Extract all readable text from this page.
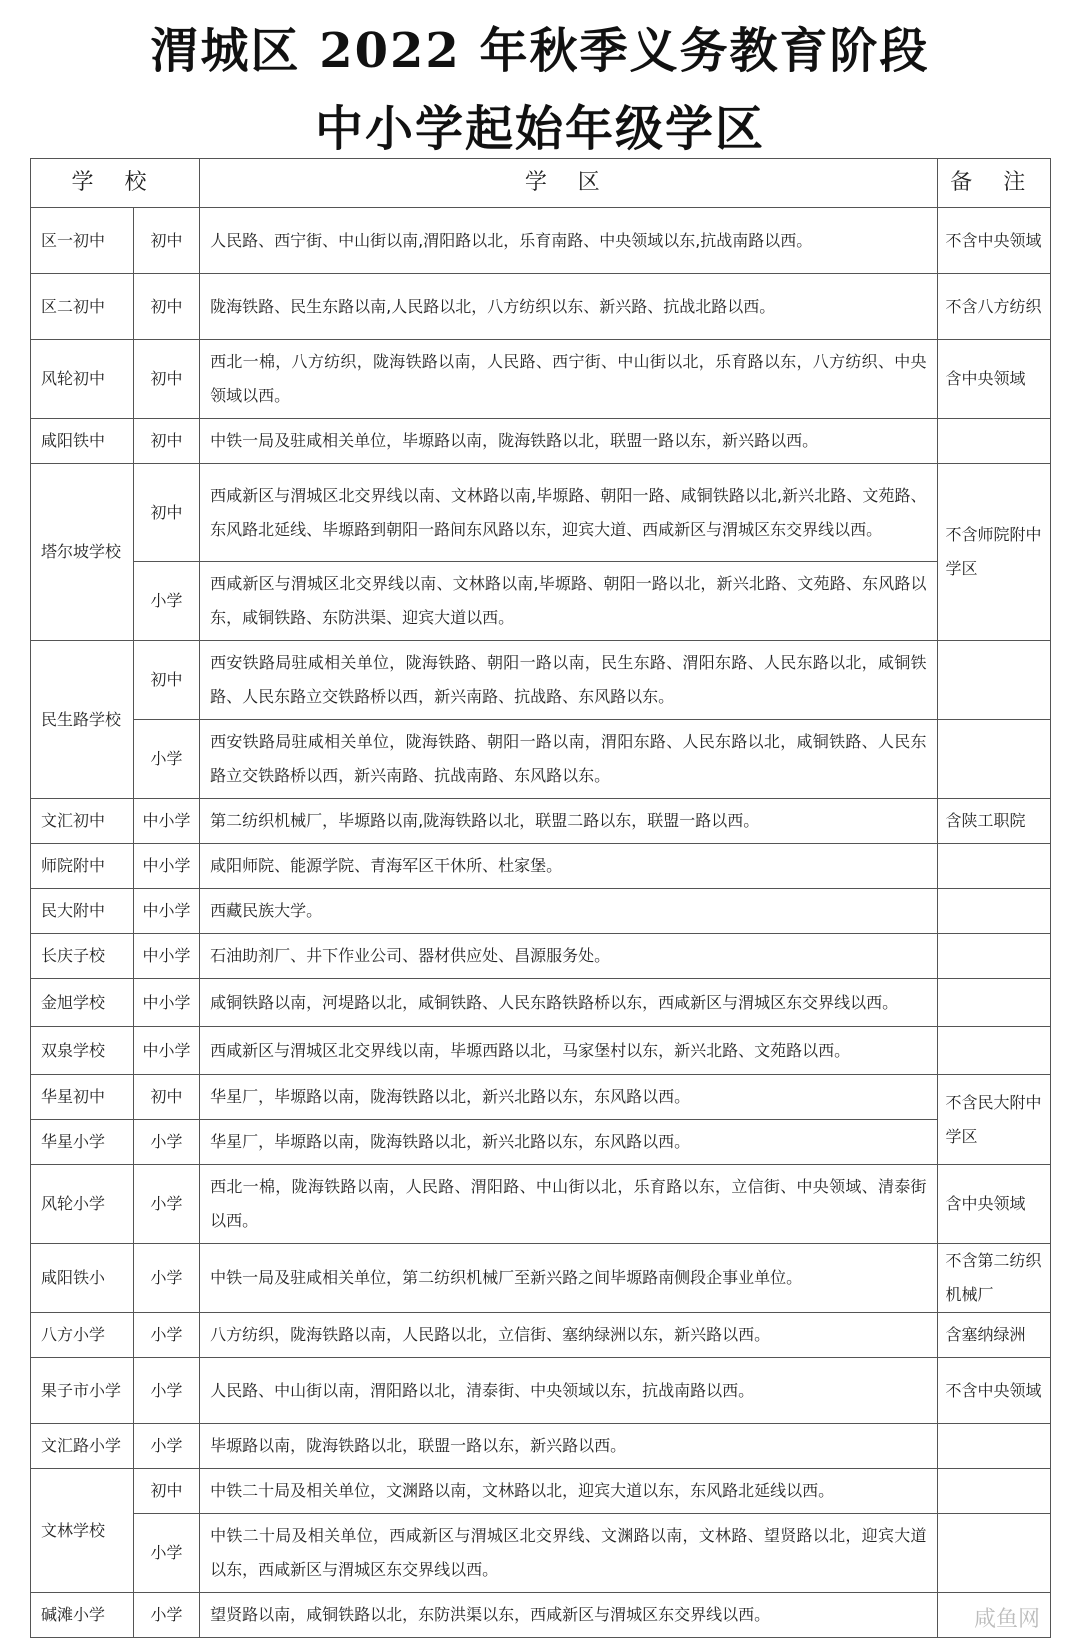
渭城区 2022 年秋季义务教育阶段
中小学起始年级学区
学 校		学 区	备 注
区一初中	初中	人民路、西宁街、中山街以南,渭阳路以北，乐育南路、中央领域以东,抗战南路以西。	不含中央领域
区二初中	初中	陇海铁路、民生东路以南,人民路以北，八方纺织以东、新兴路、抗战北路以西。	不含八方纺织
风轮初中	初中	西北一棉，八方纺织，陇海铁路以南，人民路、西宁街、中山街以北，乐育路以东，八方纺织、中央领域以西。	含中央领域
咸阳铁中	初中	中铁一局及驻咸相关单位，毕塬路以南，陇海铁路以北，联盟一路以东，新兴路以西。	
塔尔坡学校	初中	西咸新区与渭城区北交界线以南、文林路以南,毕塬路、朝阳一路、咸铜铁路以北,新兴北路、文苑路、东风路北延线、毕塬路到朝阳一路间东风路以东，迎宾大道、西咸新区与渭城区东交界线以西。	不含师院附中学区
	小学	西咸新区与渭城区北交界线以南、文林路以南,毕塬路、朝阳一路以北，新兴北路、文苑路、东风路以东，咸铜铁路、东防洪渠、迎宾大道以西。	
民生路学校	初中	西安铁路局驻咸相关单位，陇海铁路、朝阳一路以南，民生东路、渭阳东路、人民东路以北，咸铜铁路、人民东路立交铁路桥以西，新兴南路、抗战路、东风路以东。	
	小学	西安铁路局驻咸相关单位，陇海铁路、朝阳一路以南，渭阳东路、人民东路以北，咸铜铁路、人民东路立交铁路桥以西，新兴南路、抗战南路、东风路以东。	
文汇初中	中小学	第二纺织机械厂，毕塬路以南,陇海铁路以北，联盟二路以东，联盟一路以西。	含陕工职院
师院附中	中小学	咸阳师院、能源学院、青海军区干休所、杜家堡。	
民大附中	中小学	西藏民族大学。	
长庆子校	中小学	石油助剂厂、井下作业公司、器材供应处、昌源服务处。	
金旭学校	中小学	咸铜铁路以南，河堤路以北，咸铜铁路、人民东路铁路桥以东，西咸新区与渭城区东交界线以西。	
双泉学校	中小学	西咸新区与渭城区北交界线以南，毕塬西路以北，马家堡村以东，新兴北路、文苑路以西。	
华星初中	初中	华星厂，毕塬路以南，陇海铁路以北，新兴北路以东，东风路以西。	不含民大附中学区
华星小学	小学	华星厂，毕塬路以南，陇海铁路以北，新兴北路以东，东风路以西。	
风轮小学	小学	西北一棉，陇海铁路以南，人民路、渭阳路、中山街以北，乐育路以东，立信街、中央领域、清泰街以西。	含中央领域
咸阳铁小	小学	中铁一局及驻咸相关单位，第二纺织机械厂至新兴路之间毕塬路南侧段企事业单位。	不含第二纺织机械厂
八方小学	小学	八方纺织，陇海铁路以南，人民路以北，立信街、塞纳绿洲以东，新兴路以西。	含塞纳绿洲
果子市小学	小学	人民路、中山街以南，渭阳路以北，清泰街、中央领域以东，抗战南路以西。	不含中央领域
文汇路小学	小学	毕塬路以南，陇海铁路以北，联盟一路以东，新兴路以西。	
文林学校	初中	中铁二十局及相关单位，文渊路以南，文林路以北，迎宾大道以东，东风路北延线以西。	
	小学	中铁二十局及相关单位，西咸新区与渭城区北交界线、文渊路以南，文林路、望贤路以北，迎宾大道以东，西咸新区与渭城区东交界线以西。	
碱滩小学	小学	望贤路以南，咸铜铁路以北，东防洪渠以东，西咸新区与渭城区东交界线以西。		咸鱼网
